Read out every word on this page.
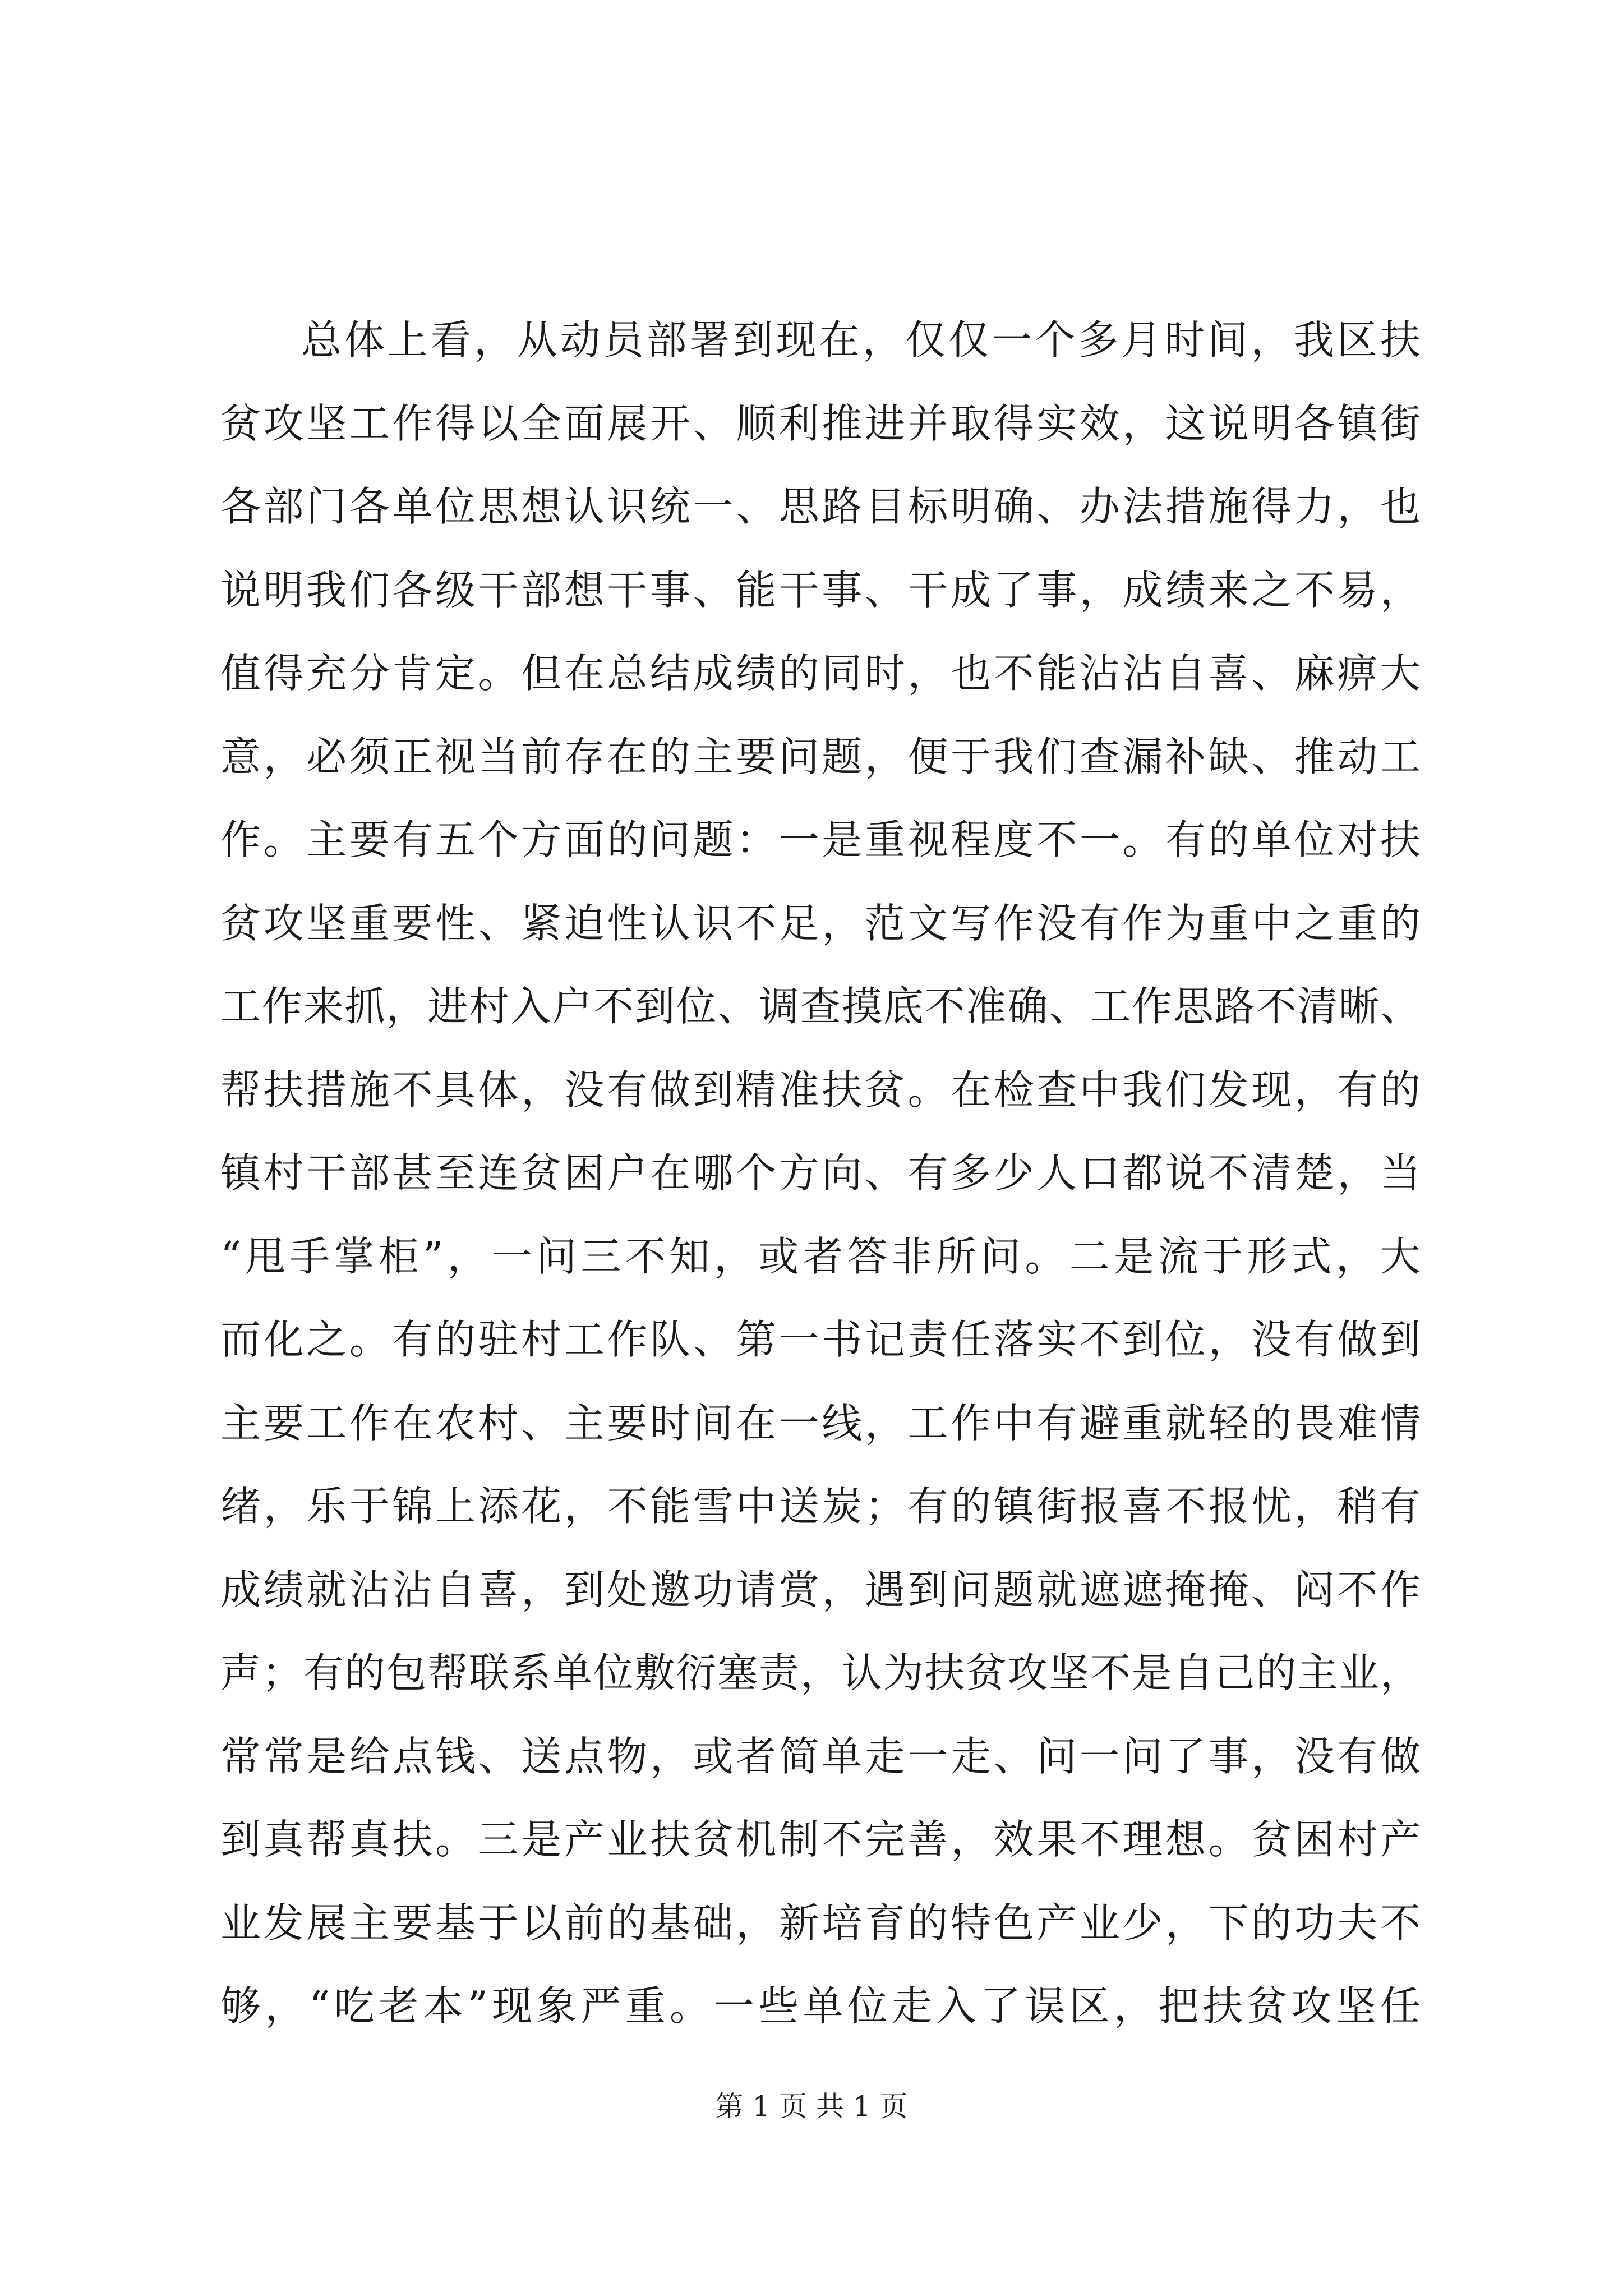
总体上看，从动员部署到现在，仅仅一个多月时间，我区扶
贫攻坚工作得以全面展开、顺利推进并取得实效，这说明各镇街
各部门各单位思想认识统一、思路目标明确、办法措施得力，也
说明我们各级干部想干事、能干事、干成了事，成绩来之不易，
值得充分肯定。但在总结成绩的同时，也不能沾沾自喜、麻痹大
意，必须正视当前存在的主要问题，便于我们查漏补缺、推动工
作。主要有五个方面的问题：一是重视程度不一。有的单位对扶
贫攻坚重要性、紧迫性认识不足，范文写作没有作为重中之重的
工作来抓，进村入户不到位、调查摸底不准确、工作思路不清晰、
帮扶措施不具体，没有做到精准扶贫。在检查中我们发现，有的
镇村干部甚至连贫困户在哪个方向、有多少人口都说不清楚，当
“甩手掌柜”，一问三不知，或者答非所问。二是流于形式，大
而化之。有的驻村工作队、第一书记责任落实不到位，没有做到
主要工作在农村、主要时间在一线，工作中有避重就轻的畏难情
绪，乐于锦上添花，不能雪中送炭；有的镇街报喜不报忧，稍有
成绩就沾沾自喜，到处邀功请赏，遇到问题就遮遮掩掩、闷不作
声；有的包帮联系单位敷衍塞责，认为扶贫攻坚不是自己的主业，
常常是给点钱、送点物，或者简单走一走、问一问了事，没有做
到真帮真扶。三是产业扶贫机制不完善，效果不理想。贫困村产
业发展主要基于以前的基础，新培育的特色产业少，下的功夫不
够，“吃老本”现象严重。一些单位走入了误区，把扶贫攻坚任
第 1 页 共 1 页
